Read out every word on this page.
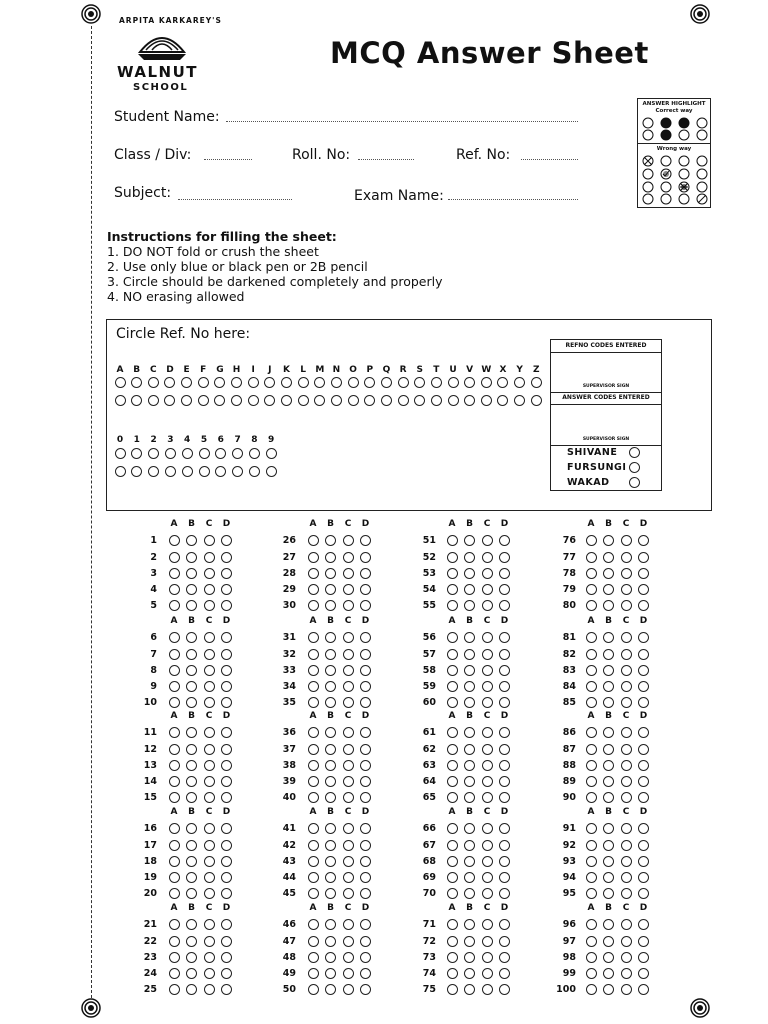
ARPITA KARKAREY'S
WALNUT
SCHOOL
MCQ Answer Sheet
Student Name:
Class / Div:	Roll. No:	Ref. No:
Subject:	Exam Name:
ANSWER HIGHLIGHT
Correct way
Wrong way
Instructions for filling the sheet:
1. DO NOT fold or crush the sheet
2. Use only blue or black pen or 2B pencil
3. Circle should be darkened completely and properly
4. NO erasing allowed
Circle Ref. No here:
A	B	C	D	E	F	G	H	I	J	K	L	M N	O	P	Q	R	S	T	U	V W X	Y	Z
0	1	2	3	4	5	6	7	8	9
REFNO CODES ENTERED
SUPERVISOR SIGN
ANSWER CODES ENTERED
SUPERVISOR SIGN
SHIVANE
FURSUNGI
WAKAD
A	B	C	D
1
2
3
4
5
A	B	C	D
6
7
8
9
10
A	B	C	D
11
12
13
14
15
A	B	C	D
16
17
18
19
20
A	B	C	D
21
22
23
24
25
A	B	C	D
26
27
28
29
30
A	B	C	D
31
32
33
34
35
A	B	C	D
36
37
38
39
40
A	B	C	D
41
42
43
44
45
A	B	C	D
46
47
48
49
50
A	B	C	D
51
52
53
54
55
A	B	C	D
56
57
58
59
60
A	B	C	D
61
62
63
64
65
A	B	C	D
66
67
68
69
70
A	B	C	D
71
72
73
74
75
A	B	C	D
76
77
78
79
80
A	B	C	D
81
82
83
84
85
A	B	C	D
86
87
88
89
90
A	B	C	D
91
92
93
94
95
A	B	C	D
96
97
98
99
100
